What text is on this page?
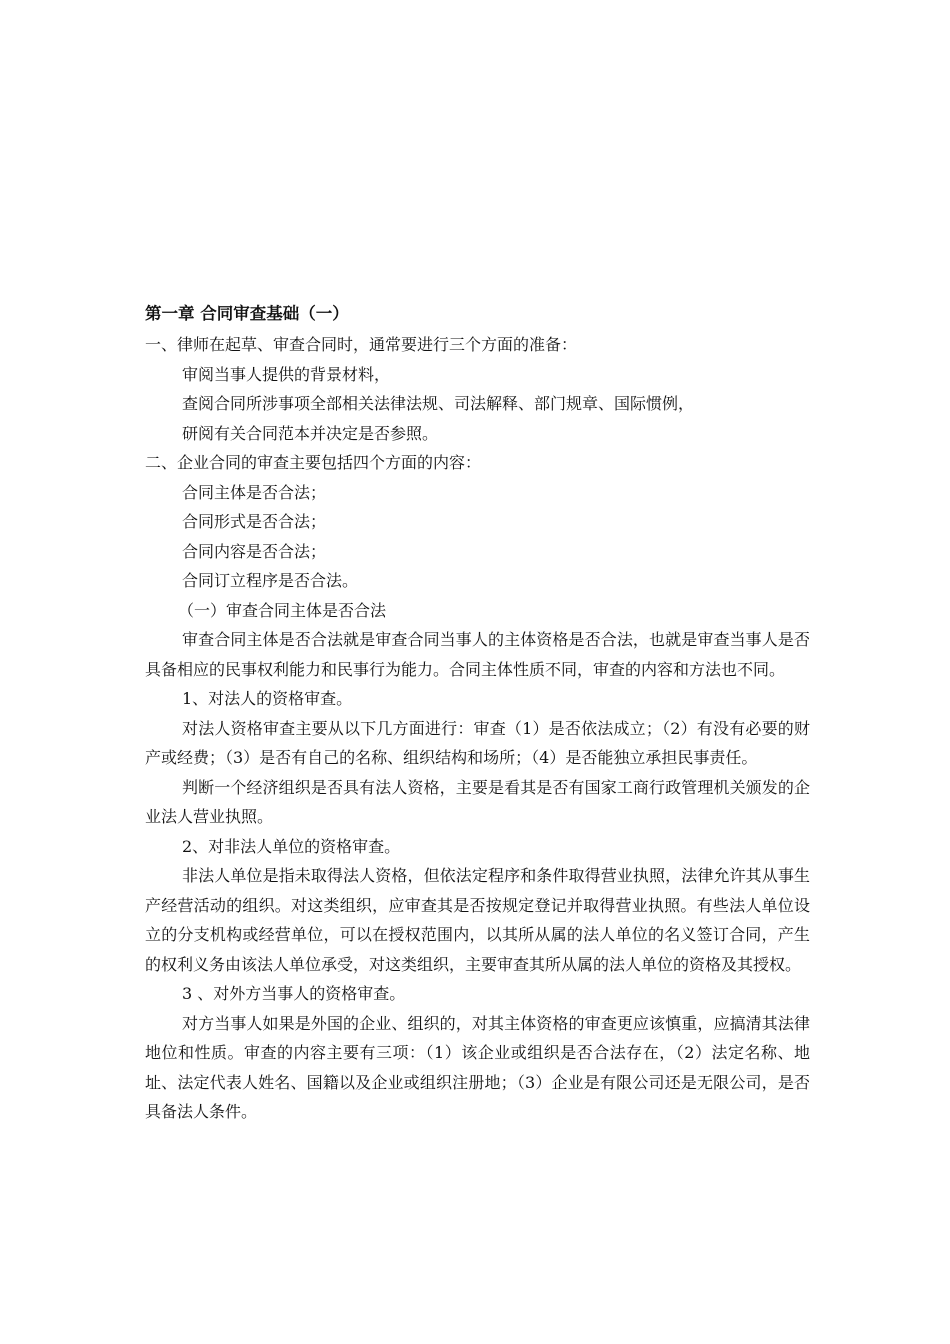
第一章 合同审查基础（一）
一、律师在起草、审查合同时，通常要进行三个方面的准备：
审阅当事人提供的背景材料，
查阅合同所涉事项全部相关法律法规、司法解释、部门规章、国际惯例，
研阅有关合同范本并决定是否参照。
二、企业合同的审查主要包括四个方面的内容：
合同主体是否合法；
合同形式是否合法；
合同内容是否合法；
合同订立程序是否合法。
（一）审查合同主体是否合法
审查合同主体是否合法就是审查合同当事人的主体资格是否合法，也就是审查当事人是否具备相应的民事权利能力和民事行为能力。合同主体性质不同，审查的内容和方法也不同。
1、对法人的资格审查。
对法人资格审查主要从以下几方面进行：审查（1）是否依法成立；（2）有没有必要的财产或经费；（3）是否有自己的名称、组织结构和场所；（4）是否能独立承担民事责任。
判断一个经济组织是否具有法人资格，主要是看其是否有国家工商行政管理机关颁发的企业法人营业执照。
2、对非法人单位的资格审查。
非法人单位是指未取得法人资格，但依法定程序和条件取得营业执照，法律允许其从事生产经营活动的组织。对这类组织，应审查其是否按规定登记并取得营业执照。有些法人单位设立的分支机构或经营单位，可以在授权范围内，以其所从属的法人单位的名义签订合同，产生的权利义务由该法人单位承受，对这类组织，主要审查其所从属的法人单位的资格及其授权。
3 、对外方当事人的资格审查。
对方当事人如果是外国的企业、组织的，对其主体资格的审查更应该慎重，应搞清其法律地位和性质。审查的内容主要有三项：（1）该企业或组织是否合法存在，（2）法定名称、地址、法定代表人姓名、国籍以及企业或组织注册地；（3）企业是有限公司还是无限公司，是否具备法人条件。
